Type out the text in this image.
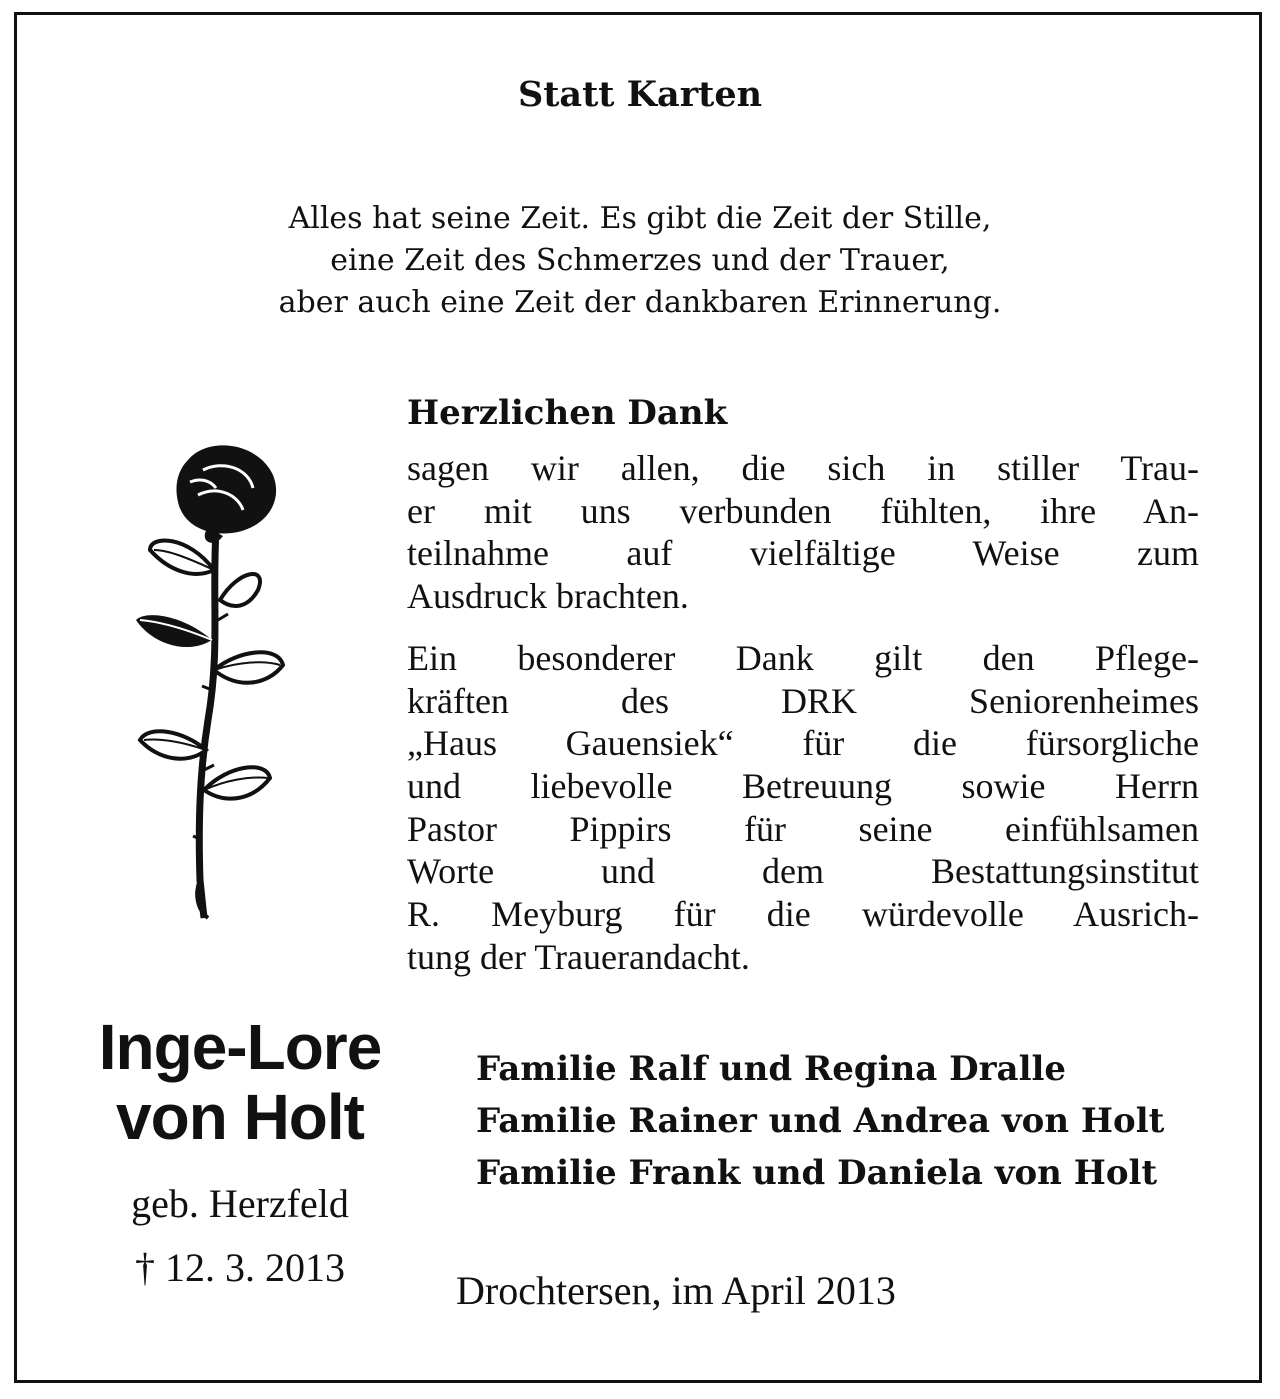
Statt Karten
Alles hat seine Zeit. Es gibt die Zeit der Stille,
eine Zeit des Schmerzes und der Trauer,
aber auch eine Zeit der dankbaren Erinnerung.
Herzlichen Dank
sagen wir allen, die sich in stiller Trau-
er mit uns verbunden fühlten, ihre An-
teilnahme auf vielfältige Weise zum
Ausdruck brachten.
Ein besonderer Dank gilt den Pflege-
kräften des DRK Seniorenheimes
„Haus Gauensiek“ für die fürsorgliche
und liebevolle Betreuung sowie Herrn
Pastor Pippirs für seine einfühlsamen
Worte und dem Bestattungsinstitut
R. Meyburg für die würdevolle Ausrich-
tung der Trauerandacht.
Inge-Lore
von Holt
geb. Herzfeld
† 12. 3. 2013
Familie Ralf und Regina Dralle
Familie Rainer und Andrea von Holt
Familie Frank und Daniela von Holt
Drochtersen, im April 2013
